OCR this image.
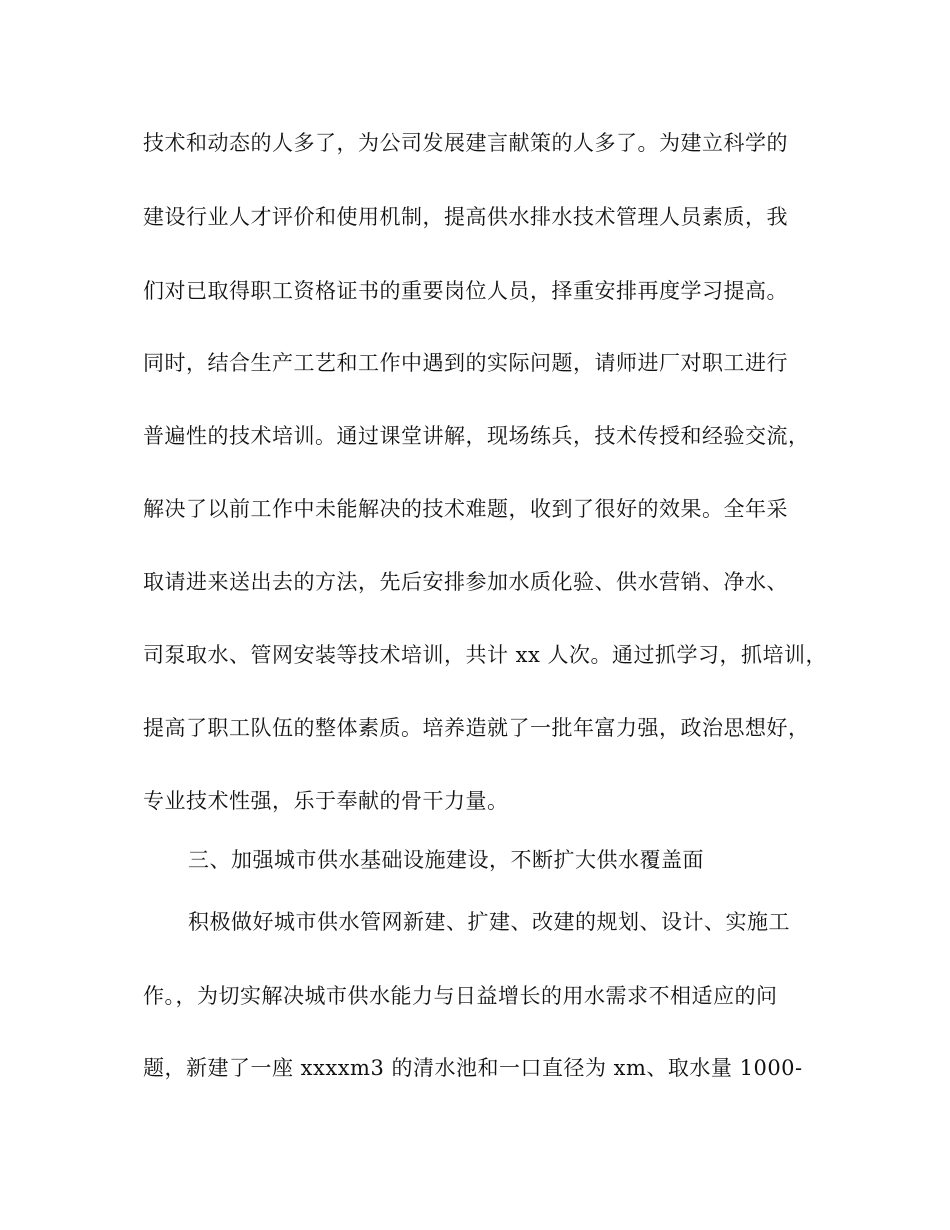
技术和动态的人多了，为公司发展建言献策的人多了。为建立科学的
建设行业人才评价和使用机制，提高供水排水技术管理人员素质，我
们对已取得职工资格证书的重要岗位人员，择重安排再度学习提高。
同时，结合生产工艺和工作中遇到的实际问题，请师进厂对职工进行
普遍性的技术培训。通过课堂讲解，现场练兵，技术传授和经验交流，
解决了以前工作中未能解决的技术难题，收到了很好的效果。全年采
取请进来送出去的方法，先后安排参加水质化验、供水营销、净水、
司泵取水、管网安装等技术培训，共计 xx 人次。通过抓学习，抓培训，
提高了职工队伍的整体素质。培养造就了一批年富力强，政治思想好，
专业技术性强，乐于奉献的骨干力量。
三、加强城市供水基础设施建设，不断扩大供水覆盖面
积极做好城市供水管网新建、扩建、改建的规划、设计、实施工
作。，为切实解决城市供水能力与日益增长的用水需求不相适应的问
题，新建了一座 xxxxm3 的清水池和一口直径为 xm、取水量 1000-
